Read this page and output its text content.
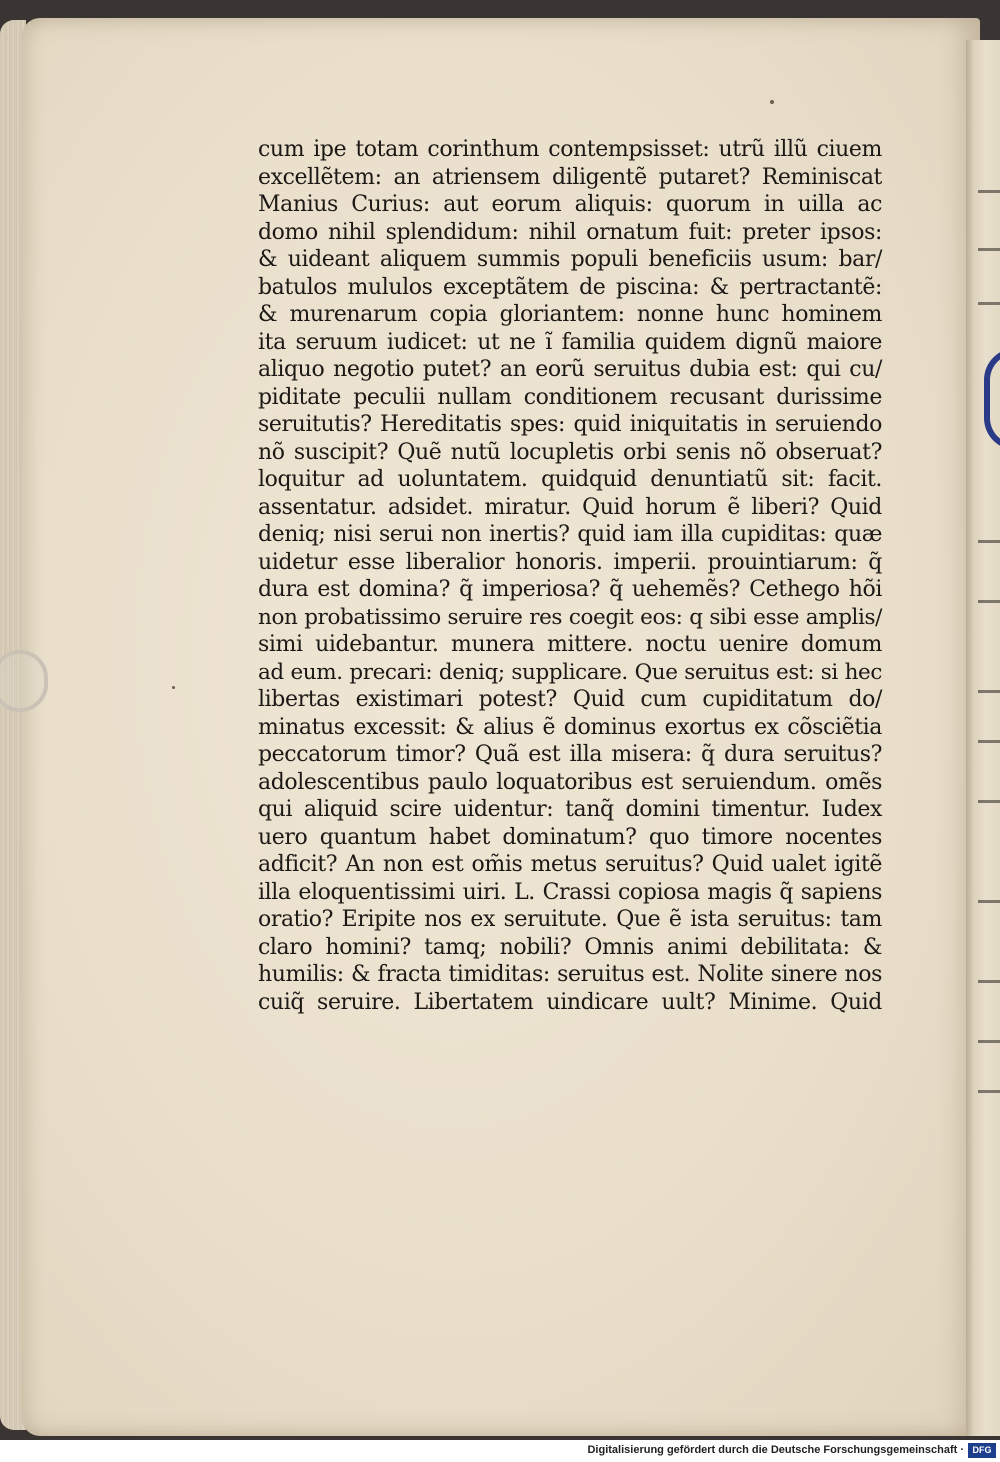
cum ipe totam corinthum contempsisset: utrũ illũ ciuem
excellẽtem: an atriensem diligentẽ putaret? Reminiscat
Manius Curius: aut eorum aliquis: quorum in uilla ac
domo nihil splendidum: nihil ornatum fuit: preter ipsos:
& uideant aliquem summis populi beneficiis usum: bar/
batulos mululos exceptãtem de piscina: & pertractantẽ:
& murenarum copia gloriantem: nonne hunc hominem
ita seruum iudicet: ut ne ĩ familia quidem dignũ maiore
aliquo negotio putet? an eorũ seruitus dubia est: qui cu/
piditate peculii nullam conditionem recusant durissime
seruitutis? Hereditatis spes: quid iniquitatis in seruiendo
nõ suscipit? Quẽ nutũ locupletis orbi senis nõ obseruat?
loquitur ad uoluntatem. quidquid denuntiatũ sit: facit.
assentatur. adsidet. miratur. Quid horum ẽ liberi? Quid
deniq; nisi serui non inertis? quid iam illa cupiditas: quæ
uidetur esse liberalior honoris. imperii. prouintiarum: q̃
dura est domina? q̃ imperiosa? q̃ uehemẽs? Cethego hõi
non probatissimo seruire res coegit eos: q sibi esse amplis/
simi uidebantur. munera mittere. noctu uenire domum
ad eum. precari: deniq; supplicare. Que seruitus est: si hec
libertas existimari potest? Quid cum cupiditatum do/
minatus excessit: & alius ẽ dominus exortus ex cõsciẽtia
peccatorum timor? Quã est illa misera: q̃ dura seruitus?
adolescentibus paulo loquatoribus est seruiendum. omẽs
qui aliquid scire uidentur: tanq̃ domini timentur. Iudex
uero quantum habet dominatum? quo timore nocentes
adficit? An non est om̃is metus seruitus? Quid ualet igitẽ
illa eloquentissimi uiri. L. Crassi copiosa magis q̃ sapiens
oratio? Eripite nos ex seruitute. Que ẽ ista seruitus: tam
claro homini? tamq; nobili? Omnis animi debilitata: &
humilis: & fracta timiditas: seruitus est. Nolite sinere nos
cuiq̃ seruire. Libertatem uindicare uult? Minime. Quid
Digitalisierung gefördert durch die Deutsche Forschungsgemeinschaft · DFG
